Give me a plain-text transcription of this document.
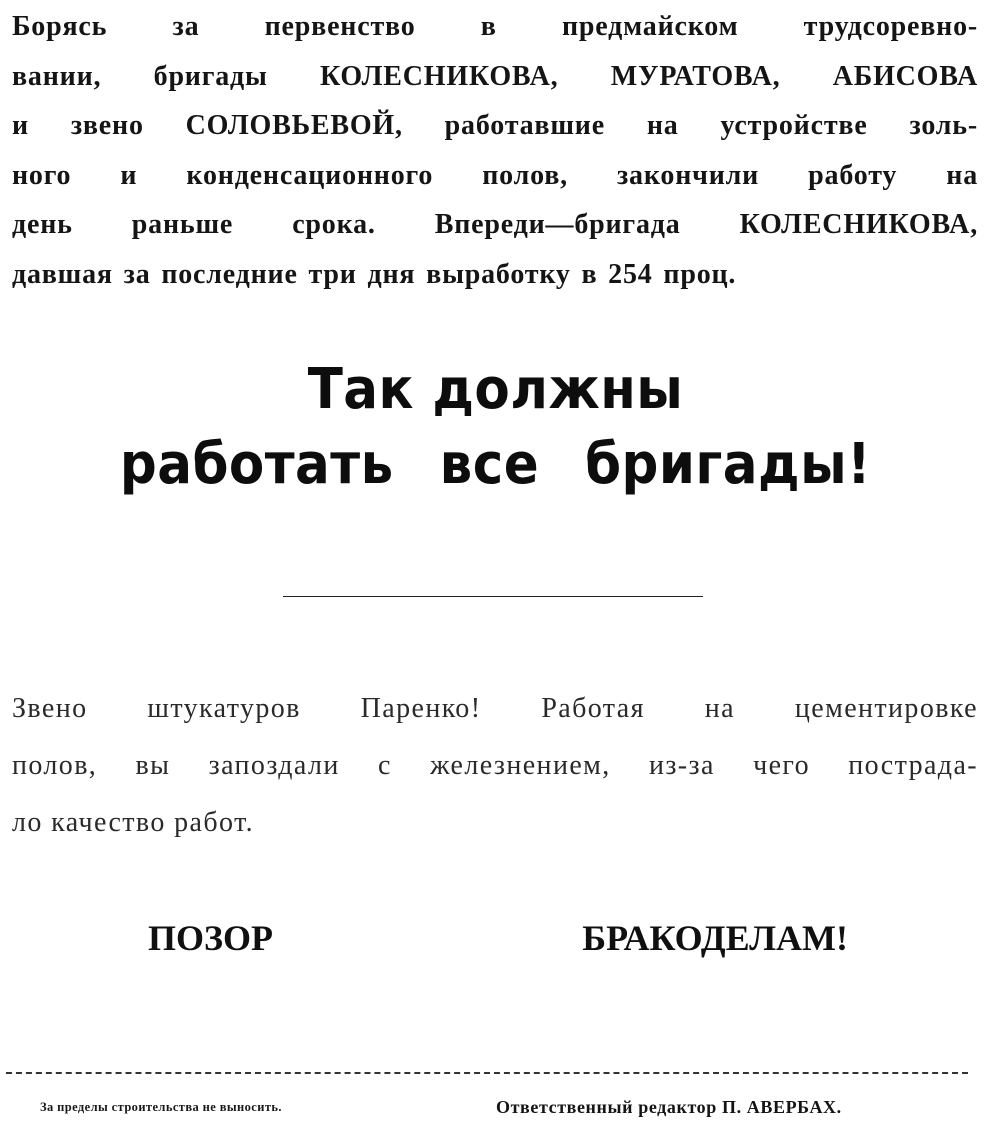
Борясь за первенство в предмайском трудсоревно-
вании, бригады КОЛЕСНИКОВА, МУРАТОВА, АБИСОВА
и звено СОЛОВЬЕВОЙ, работавшие на устройстве золь-
ного и конденсационного полов, закончили работу на
день раньше срока. Впереди—бригада КОЛЕСНИКОВА,
давшая за последние три дня выработку в 254 проц.
Так должны
работать все бригады!
Звено штукатуров Паренко! Работая на цементировке
полов, вы запоздали с железнением, из-за чего пострада-
ло качество работ.
ПОЗОР БРАКОДЕЛАМ!
За пределы строительства не выносить.	Ответственный редактор П. АВЕРБАХ.
